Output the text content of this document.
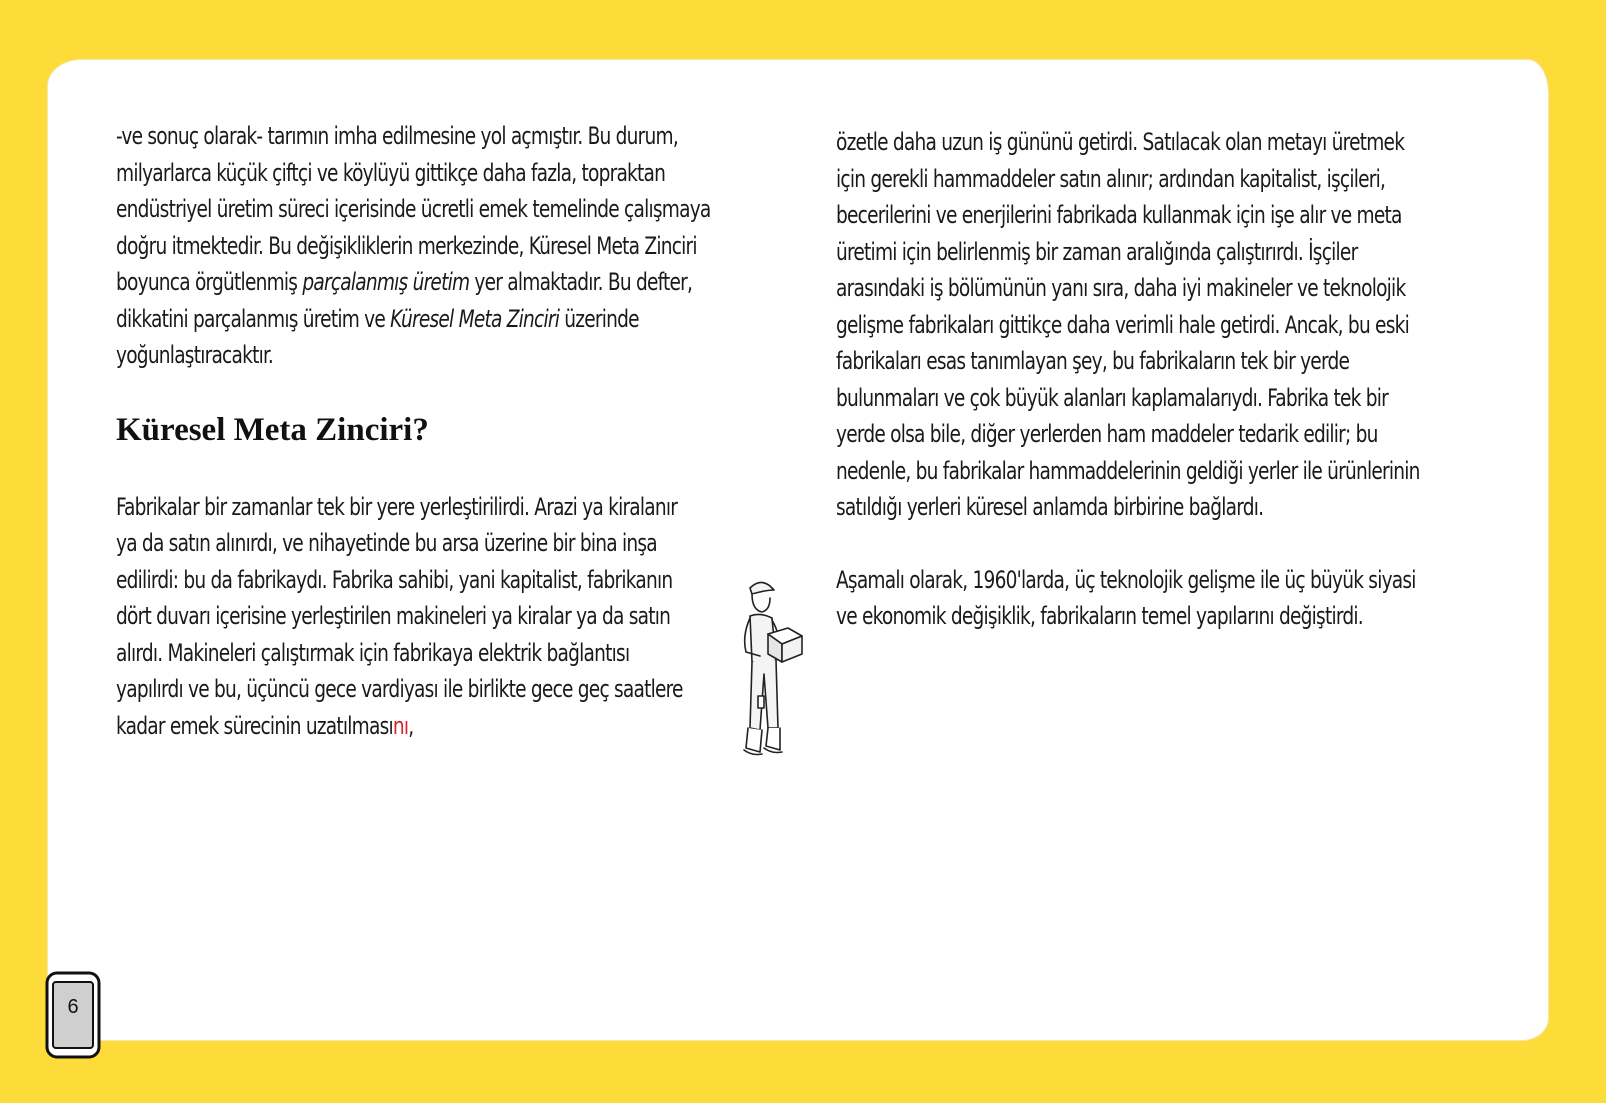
-ve sonuç olarak- tarımın imha edilmesine yol açmıştır. Bu durum, milyarlarca küçük çiftçi ve köylüyü gittikçe daha fazla, topraktan endüstriyel üretim süreci içerisinde ücretli emek temelinde çalışmaya doğru itmektedir. Bu değişikliklerin merkezinde, Küresel Meta Zinciri boyunca örgütlenmiş parçalanmış üretim yer almaktadır. Bu defter, dikkatini parçalanmış üretim ve Küresel Meta Zinciri üzerinde yoğunlaştıracaktır.

Küresel Meta Zinciri?

Fabrikalar bir zamanlar tek bir yere yerleştirilirdi. Arazi ya kiralanır ya da satın alınırdı, ve nihayetinde bu arsa üzerine bir bina inşa edilirdi: bu da fabrikaydı. Fabrika sahibi, yani kapitalist, fabrikanın dört duvarı içerisine yerleştirilen makineleri ya kiralar ya da satın alırdı. Makineleri çalıştırmak için fabrikaya elektrik bağlantısı yapılırdı ve bu, üçüncü gece vardiyası ile birlikte gece geç saatlere kadar emek sürecinin uzatılmasını,

özetle daha uzun iş gününü getirdi. Satılacak olan metayı üretmek için gerekli hammaddeler satın alınır; ardından kapitalist, işçileri, becerilerini ve enerjilerini fabrikada kullanmak için işe alır ve meta üretimi için belirlenmiş bir zaman aralığında çalıştırırdı. İşçiler arasındaki iş bölümünün yanı sıra, daha iyi makineler ve teknolojik gelişme fabrikaları gittikçe daha verimli hale getirdi. Ancak, bu eski fabrikaları esas tanımlayan şey, bu fabrikaların tek bir yerde bulunmaları ve çok büyük alanları kaplamalarıydı. Fabrika tek bir yerde olsa bile, diğer yerlerden ham maddeler tedarik edilir; bu nedenle, bu fabrikalar hammaddelerinin geldiği yerler ile ürünlerinin satıldığı yerleri küresel anlamda birbirine bağlardı.

Aşamalı olarak, 1960'larda, üç teknolojik gelişme ile üç büyük siyasi ve ekonomik değişiklik, fabrikaların temel yapılarını değiştirdi.

6
